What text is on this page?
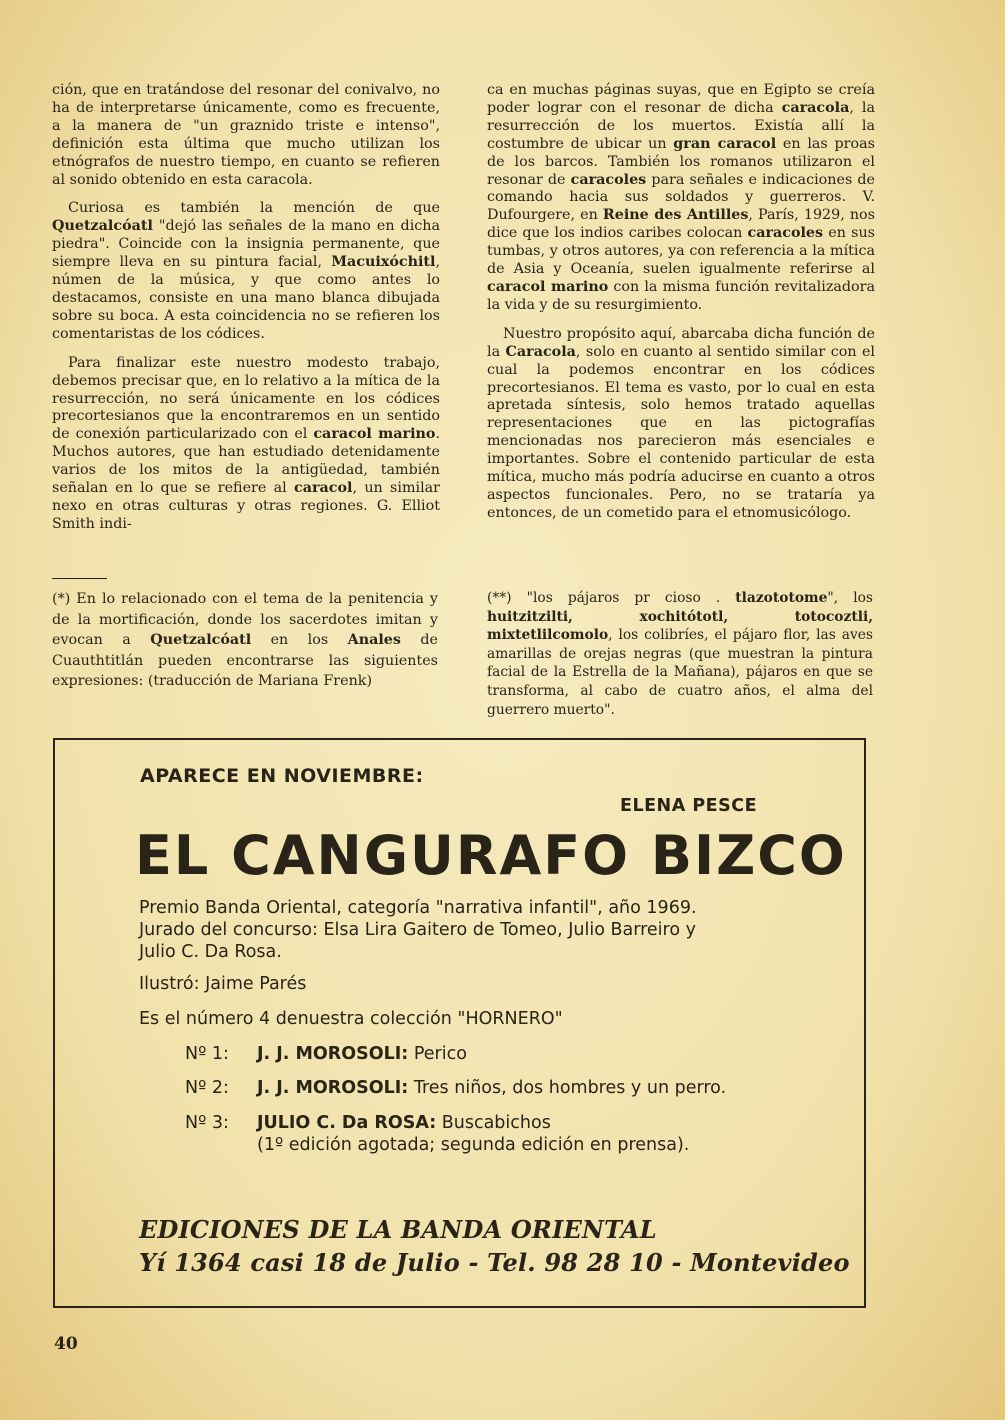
ción, que en tratándose del resonar del conivalvo, no ha de interpretarse únicamente, como es frecuente, a la manera de "un graznido triste e intenso", definición esta última que mucho utilizan los etnógrafos de nuestro tiempo, en cuanto se refieren al sonido obtenido en esta caracola.

Curiosa es también la mención de que Quetzalcóatl "dejó las señales de la mano en dicha piedra". Coincide con la insignia permanente, que siempre lleva en su pintura facial, Macuixóchitl, númen de la música, y que como antes lo destacamos, consiste en una mano blanca dibujada sobre su boca. A esta coincidencia no se refieren los comentaristas de los códices.

Para finalizar este nuestro modesto trabajo, debemos precisar que, en lo relativo a la mítica de la resurrección, no será únicamente en los códices precortesianos que la encontraremos en un sentido de conexión particularizado con el caracol marino. Muchos autores, que han estudiado detenidamente varios de los mitos de la antigüedad, también señalan en lo que se refiere al caracol, un similar nexo en otras culturas y otras regiones. G. Elliot Smith indi-

ca en muchas páginas suyas, que en Egipto se creía poder lograr con el resonar de dicha caracola, la resurrección de los muertos. Existía allí la costumbre de ubicar un gran caracol en las proas de los barcos. También los romanos utilizaron el resonar de caracoles para señales e indicaciones de comando hacia sus soldados y guerreros. V. Dufourgere, en Reine des Antilles, París, 1929, nos dice que los indios caribes colocan caracoles en sus tumbas, y otros autores, ya con referencia a la mítica de Asia y Oceanía, suelen igualmente referirse al caracol marino con la misma función revitalizadora la vida y de su resurgimiento.

Nuestro propósito aquí, abarcaba dicha función de la Caracola, solo en cuanto al sentido similar con el cual la podemos encontrar en los códices precortesianos. El tema es vasto, por lo cual en esta apretada síntesis, solo hemos tratado aquellas representaciones que en las pictografías mencionadas nos parecieron más esenciales e importantes. Sobre el contenido particular de esta mítica, mucho más podría aducirse en cuanto a otros aspectos funcionales. Pero, no se trataría ya entonces, de un cometido para el etnomusicólogo.

(*) En lo relacionado con el tema de la penitencia y de la mortificación, donde los sacerdotes imitan y evocan a Quetzalcóatl en los Anales de Cuauthtitlán pueden encontrarse las siguientes expresiones: (traducción de Mariana Frenk)
(**) "los pájaros pr cioso . tlazototome", los huitzitzilti, xochitótotl, totocoztli, mixtetlilcomolo, los colibríes, el pájaro flor, las aves amarillas de orejas negras (que muestran la pintura facial de la Estrella de la Mañana), pájaros en que se transforma, al cabo de cuatro años, el alma del guerrero muerto".
APARECE EN NOVIEMBRE:
ELENA PESCE
EL CANGURAFO BIZCO
Premio Banda Oriental, categoría "narrativa infantil", año 1969.
Jurado del concurso: Elsa Lira Gaitero de Tomeo, Julio Barreiro y
Julio C. Da Rosa.
Ilustró: Jaime Parés
Es el número 4 denuestra colección "HORNERO"
Nº 1: J. J. MOROSOLI: Perico
Nº 2: J. J. MOROSOLI: Tres niños, dos hombres y un perro.
Nº 3: JULIO C. Da ROSA: Buscabichos
(1º edición agotada; segunda edición en prensa).
EDICIONES DE LA BANDA ORIENTAL
Yí 1364 casi 18 de Julio - Tel. 98 28 10 - Montevideo
40
